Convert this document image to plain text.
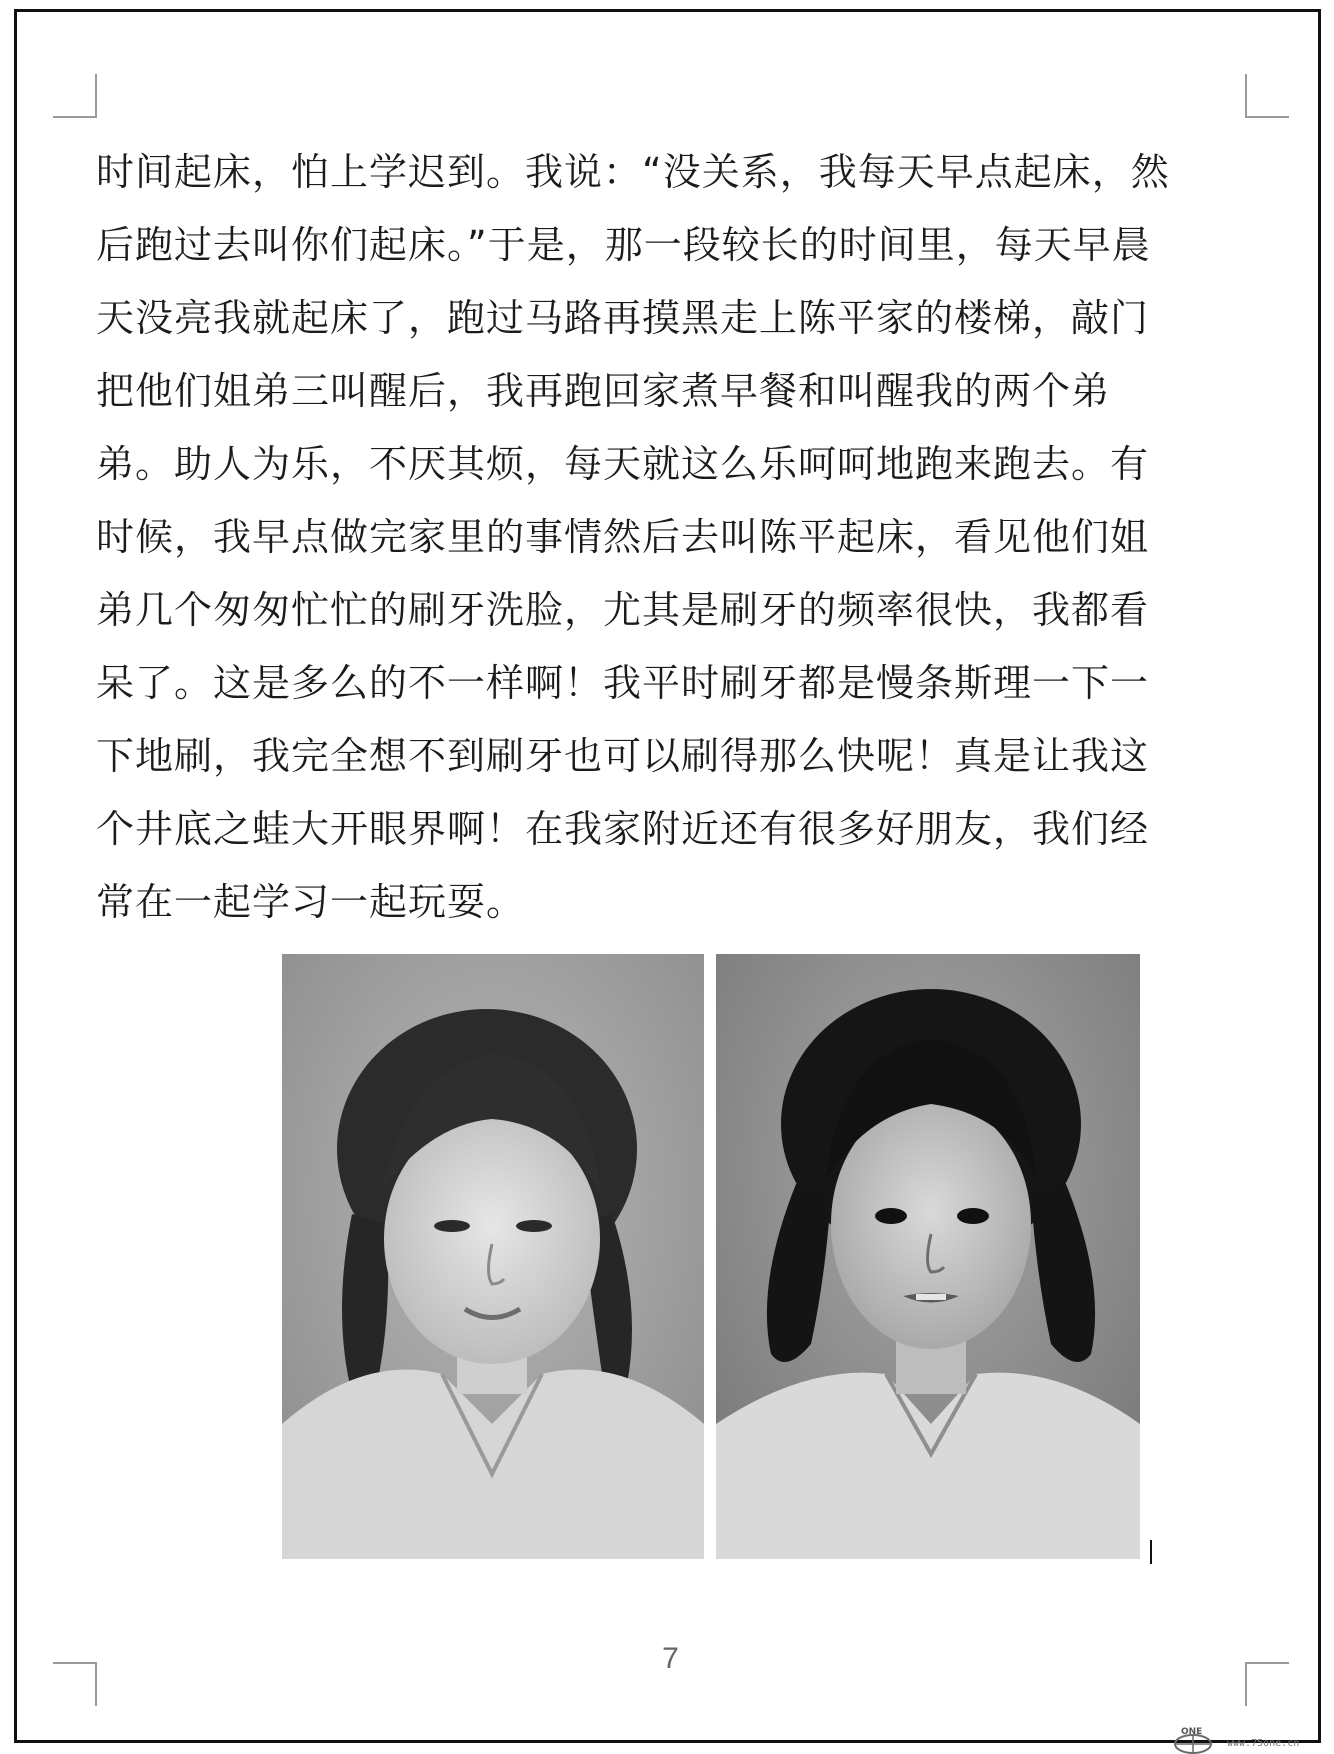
时间起床，怕上学迟到。我说：“没关系，我每天早点起床，然
后跑过去叫你们起床。”于是，那一段较长的时间里，每天早晨
天没亮我就起床了，跑过马路再摸黑走上陈平家的楼梯，敲门
把他们姐弟三叫醒后，我再跑回家煮早餐和叫醒我的两个弟
弟。助人为乐，不厌其烦，每天就这么乐呵呵地跑来跑去。有
时候，我早点做完家里的事情然后去叫陈平起床，看见他们姐
弟几个匆匆忙忙的刷牙洗脸，尤其是刷牙的频率很快，我都看
呆了。这是多么的不一样啊！我平时刷牙都是慢条斯理一下一
下地刷，我完全想不到刷牙也可以刷得那么快呢！真是让我这
个井底之蛙大开眼界啊！在我家附近还有很多好朋友，我们经
常在一起学习一起玩耍。

7
ONE
www.75one.cn
